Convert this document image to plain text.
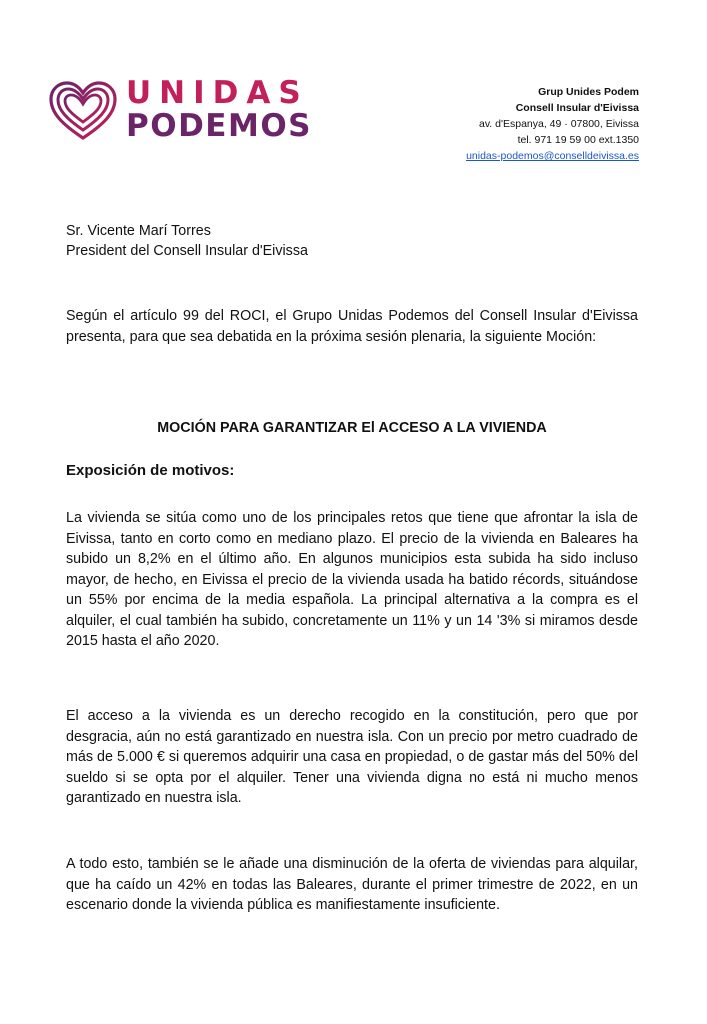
UNIDAS
PODEMOS
Grup Unides Podem
Consell Insular d'Eivissa
av. d'Espanya, 49 · 07800, Eivissa
tel. 971 19 59 00 ext.1350
unidas-podemos@conselldeivissa.es
Sr. Vicente Marí Torres
President del Consell Insular d'Eivissa

Según el artículo 99 del ROCI, el Grupo Unidas Podemos del Consell Insular d'Eivissa presenta, para que sea debatida en la próxima sesión plenaria, la siguiente Moción:

MOCIÓN PARA GARANTIZAR El ACCESO A LA VIVIENDA
Exposición de motivos:

La vivienda se sitúa como uno de los principales retos que tiene que afrontar la isla de Eivissa, tanto en corto como en mediano plazo. El precio de la vivienda en Baleares ha subido un 8,2% en el último año. En algunos municipios esta subida ha sido incluso mayor, de hecho, en Eivissa el precio de la vivienda usada ha batido récords, situándose un 55% por encima de la media española. La principal alternativa a la compra es el alquiler, el cual también ha subido, concretamente un 11% y un 14 '3% si miramos desde 2015 hasta el año 2020.

El acceso a la vivienda es un derecho recogido en la constitución, pero que por desgracia, aún no está garantizado en nuestra isla. Con un precio por metro cuadrado de más de 5.000 € si queremos adquirir una casa en propiedad, o de gastar más del 50% del sueldo si se opta por el alquiler. Tener una vivienda digna no está ni mucho menos garantizado en nuestra isla.

A todo esto, también se le añade una disminución de la oferta de viviendas para alquilar, que ha caído un 42% en todas las Baleares, durante el primer trimestre de 2022, en un escenario donde la vivienda pública es manifiestamente insuficiente.
